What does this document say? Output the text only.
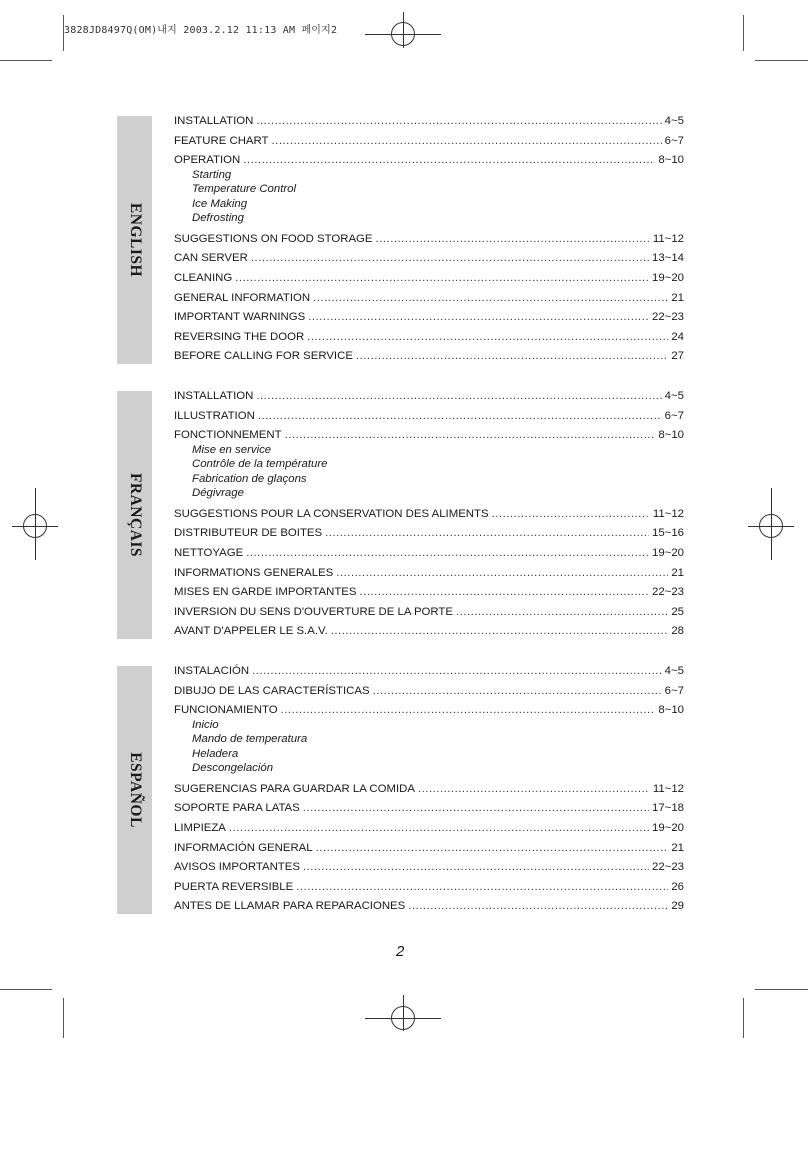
3828JD8497Q(OM)내지 2003.2.12 11:13 AM 페이지2
ENGLISH
FRANÇAIS
ESPAÑOL
INSTALLATION .....	4~5
FEATURE CHART .....	6~7
OPERATION .....	8~10
Starting
Temperature Control
Ice Making
Defrosting
SUGGESTIONS ON FOOD STORAGE .....	11~12
CAN SERVER .....	13~14
CLEANING .....	19~20
GENERAL INFORMATION .....	21
IMPORTANT WARNINGS .....	22~23
REVERSING THE DOOR .....	24
BEFORE CALLING FOR SERVICE .....	27
INSTALLATION .....	4~5
ILLUSTRATION .....	6~7
FONCTIONNEMENT .....	8~10
Mise en service
Contrôle de la température
Fabrication de glaçons
Dégivrage
SUGGESTIONS POUR LA CONSERVATION DES ALIMENTS .....	11~12
DISTRIBUTEUR DE BOITES .....	15~16
NETTOYAGE .....	19~20
INFORMATIONS GENERALES .....	21
MISES EN GARDE IMPORTANTES .....	22~23
INVERSION DU SENS D'OUVERTURE DE LA PORTE .....	25
AVANT D'APPELER LE S.A.V. .....	28
INSTALACIÓN .....	4~5
DIBUJO DE LAS CARACTERÍSTICAS .....	6~7
FUNCIONAMIENTO .....	8~10
Inicio
Mando de temperatura
Heladera
Descongelación
SUGERENCIAS PARA GUARDAR LA COMIDA .....	11~12
SOPORTE PARA LATAS .....	17~18
LIMPIEZA .....	19~20
INFORMACIÓN GENERAL .....	21
AVISOS IMPORTANTES .....	22~23
PUERTA REVERSIBLE .....	26
ANTES DE LLAMAR PARA REPARACIONES .....	29
2
